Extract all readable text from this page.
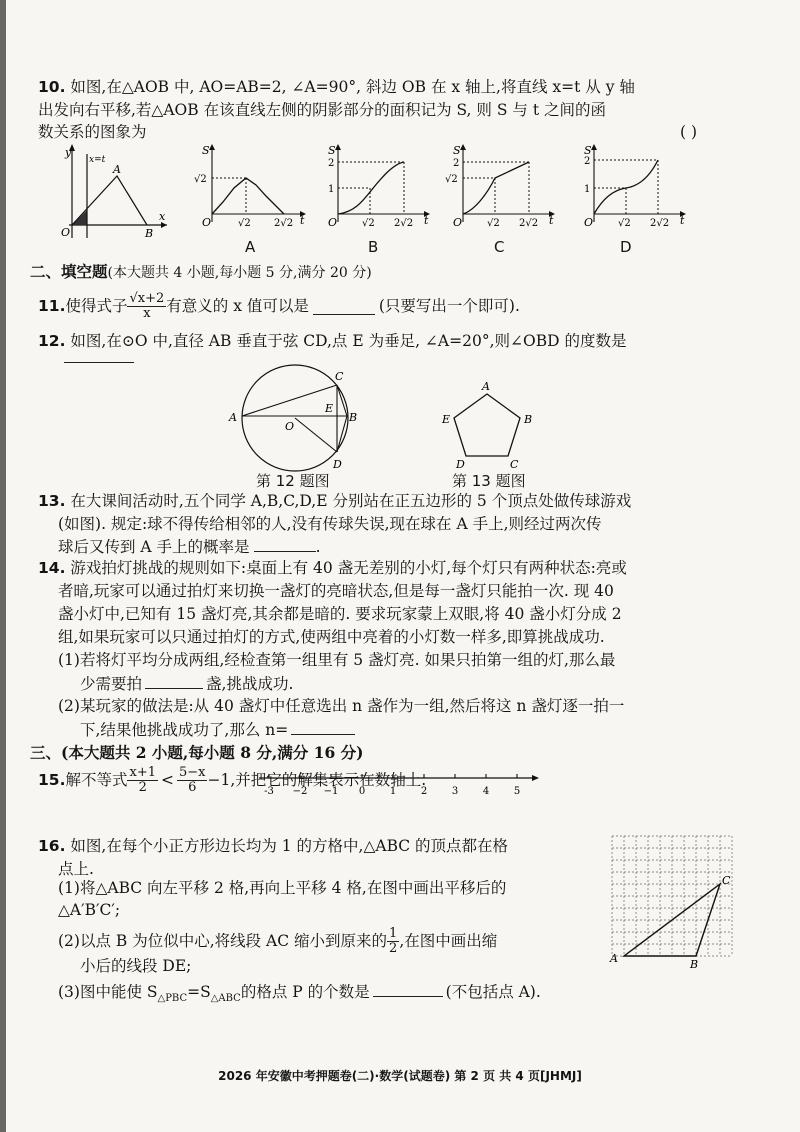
10. 如图,在△AOB 中, AO=AB=2, ∠A=90°, 斜边 OB 在 x 轴上,将直线 x=t 从 y 轴
出发向右平移,若△AOB 在该直线左侧的阴影部分的面积记为 S, 则 S 与 t 之间的函
数关系的图象为	( )
y
x=t
A
O	B
x
S
√2
O	√2 2√2 t
S
2
1
O √2 2√2 t
S
2
√2
O √2 2√2 t
S
2
1
O √2 2√2 t
A	B	C	D
二、填空题(本大题共 4 小题,每小题 5 分,满分 20 分)
11. 使得式子 $\frac{√x+2}{x}$ 有意义的 x 值可以是	(只要写出一个即可).
12. 如图,在⊙O 中,直径 AB 垂直于弦 CD,点 E 为垂足, ∠A=20°,则∠OBD 的度数是
A	B
C
D
E
O
第 12 题图
A
B
C
D
E
第 13 题图
13. 在大课间活动时,五个同学 A,B,C,D,E 分别站在正五边形的 5 个顶点处做传球游戏
(如图). 规定:球不得传给相邻的人,没有传球失误,现在球在 A 手上,则经过两次传
球后又传到 A 手上的概率是	.
14. 游戏拍灯挑战的规则如下:桌面上有 40 盏无差别的小灯,每个灯只有两种状态:亮或
者暗,玩家可以通过拍灯来切换一盏灯的亮暗状态,但是每一盏灯只能拍一次. 现 40
盏小灯中,已知有 15 盏灯亮,其余都是暗的. 要求玩家蒙上双眼,将 40 盏小灯分成 2
组,如果玩家可以只通过拍灯的方式,使两组中亮着的小灯数一样多,即算挑战成功.
(1)若将灯平均分成两组,经检查第一组里有 5 盏灯亮. 如果只拍第一组的灯,那么最
少需要拍	盏,挑战成功.
(2)某玩家的做法是:从 40 盏灯中任意选出 n 盏作为一组,然后将这 n 盏灯逐一拍一
下,结果他挑战成功了,那么 n=
三、(本大题共 2 小题,每小题 8 分,满分 16 分)
15. 解不等式 $\frac{x+1}{2} < \frac{5-x}{6} -1$,并把它的解集表示在数轴上.
-3 −2 −1 0 1 2 3 4 5
16. 如图,在每个小正方形边长均为 1 的方格中,△ABC 的顶点都在格
点上.
(1)将△ABC 向左平移 2 格,再向上平移 4 格,在图中画出平移后的
△A′B′C′;
(2)以点 B 为位似中心,将线段 AC 缩小到原来的 $\frac{1}{2}$ ,在图中画出缩
小后的线段 DE;
(3)图中能使 $S_{\triangle PBC}=S_{\triangle ABC}$的格点 P 的个数是	(不包括点 A).
A	B
C
2026 年安徽中考押题卷(二)·数学(试题卷) 第 2 页 共 4 页[JHMJ]
